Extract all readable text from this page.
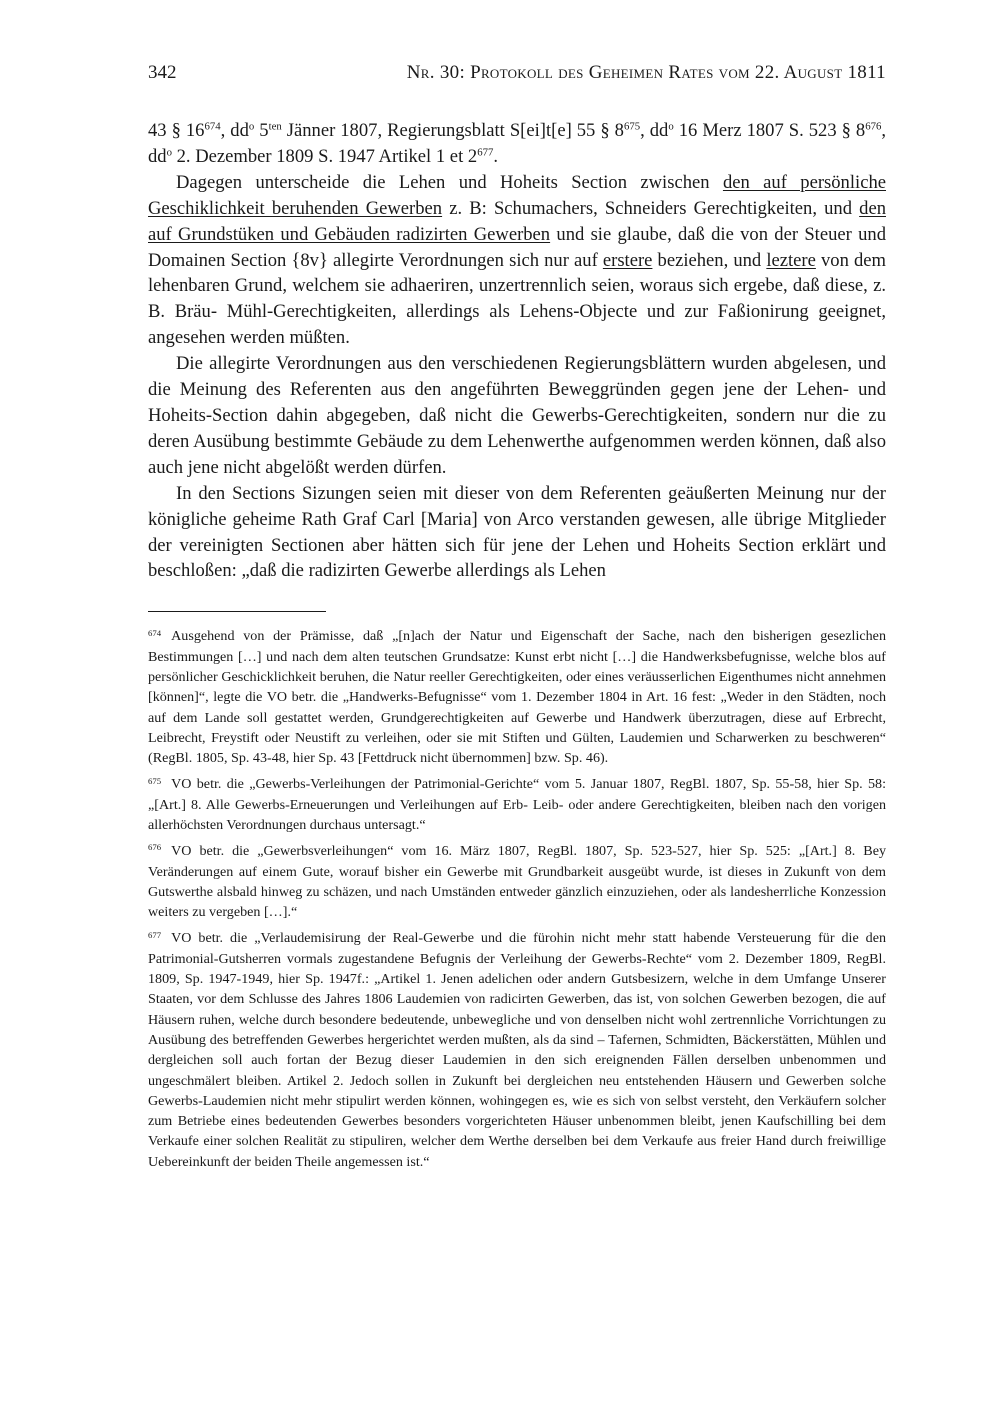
342	Nr. 30: Protokoll des Geheimen Rates vom 22. August 1811

43 § $16^{674}$, $dd^o$ $5^{ten}$ Jänner 1807, Regierungsblatt S[ei]t[e] 55 § $8^{675}$, $dd^o$ 16 Merz 1807 S. 523 § $8^{676}$, $dd^o$ 2. Dezember 1809 S. 1947 Artikel 1 et $2^{677}$.

Dagegen unterscheide die Lehen und Hoheits Section zwischen den auf persönliche Geschiklichkeit beruhenden Gewerben z. B: Schumachers, Schneiders Gerechtigkeiten, und den auf Grundstüken und Gebäuden radizirten Gewerben und sie glaube, daß die von der Steuer und Domainen Section {8v} allegirte Verordnungen sich nur auf erstere beziehen, und leztere von dem lehenbaren Grund, welchem sie adhaeriren, unzertrennlich seien, woraus sich ergebe, daß diese, z. B. Bräu- Mühl-Gerechtigkeiten, allerdings als Lehens-Objecte und zur Faßionirung geeignet, angesehen werden müßten.

Die allegirte Verordnungen aus den verschiedenen Regierungsblättern wurden abgelesen, und die Meinung des Referenten aus den angeführten Beweggründen gegen jene der Lehen- und Hoheits-Section dahin abgegeben, daß nicht die Gewerbs-Gerechtigkeiten, sondern nur die zu deren Ausübung bestimmte Gebäude zu dem Lehenwerthe aufgenommen werden können, daß also auch jene nicht abgelößt werden dürfen.

In den Sections Sizungen seien mit dieser von dem Referenten geäußerten Meinung nur der königliche geheime Rath Graf Carl [Maria] von Arco verstanden gewesen, alle übrige Mitglieder der vereinigten Sectionen aber hätten sich für jene der Lehen und Hoheits Section erklärt und beschloßen: „daß die radizirten Gewerbe allerdings als Lehen

$^{674}$ Ausgehend von der Prämisse, daß „[n]ach der Natur und Eigenschaft der Sache, nach den bisherigen gesezlichen Bestimmungen […] und nach dem alten teutschen Grundsatze: Kunst erbt nicht […] die Handwerksbefugnisse, welche blos auf persönlicher Geschicklichkeit beruhen, die Natur reeller Gerechtigkeiten, oder eines veräusserlichen Eigenthumes nicht annehmen [können]“, legte die VO betr. die „Handwerks-Befugnisse“ vom 1. Dezember 1804 in Art. 16 fest: „Weder in den Städten, noch auf dem Lande soll gestattet werden, Grundgerechtigkeiten auf Gewerbe und Handwerk überzutragen, diese auf Erbrecht, Leibrecht, Freystift oder Neustift zu verleihen, oder sie mit Stiften und Gülten, Laudemien und Scharwerken zu beschweren“ (RegBl. 1805, Sp. 43-48, hier Sp. 43 [Fettdruck nicht übernommen] bzw. Sp. 46).

$^{675}$ VO betr. die „Gewerbs-Verleihungen der Patrimonial-Gerichte“ vom 5. Januar 1807, RegBl. 1807, Sp. 55-58, hier Sp. 58: „[Art.] 8. Alle Gewerbs-Erneuerungen und Verleihungen auf Erb- Leib- oder andere Gerechtigkeiten, bleiben nach den vorigen allerhöchsten Verordnungen durchaus untersagt.“

$^{676}$ VO betr. die „Gewerbsverleihungen“ vom 16. März 1807, RegBl. 1807, Sp. 523-527, hier Sp. 525: „[Art.] 8. Bey Veränderungen auf einem Gute, worauf bisher ein Gewerbe mit Grundbarkeit ausgeübt wurde, ist dieses in Zukunft von dem Gutswerthe alsbald hinweg zu schäzen, und nach Umständen entweder gänzlich einzuziehen, oder als landesherrliche Konzession weiters zu vergeben […].“

$^{677}$ VO betr. die „Verlaudemisirung der Real-Gewerbe und die fürohin nicht mehr statt habende Versteuerung für die den Patrimonial-Gutsherren vormals zugestandene Befugnis der Verleihung der Gewerbs-Rechte“ vom 2. Dezember 1809, RegBl. 1809, Sp. 1947-1949, hier Sp. 1947f.: „Artikel 1. Jenen adelichen oder andern Gutsbesizern, welche in dem Umfange Unserer Staaten, vor dem Schlusse des Jahres 1806 Laudemien von radicirten Gewerben, das ist, von solchen Gewerben bezogen, die auf Häusern ruhen, welche durch besondere bedeutende, unbewegliche und von denselben nicht wohl zertrennliche Vorrichtungen zu Ausübung des betreffenden Gewerbes hergerichtet werden mußten, als da sind – Tafernen, Schmidten, Bäckerstätten, Mühlen und dergleichen soll auch fortan der Bezug dieser Laudemien in den sich ereignenden Fällen derselben unbenommen und ungeschmälert bleiben. Artikel 2. Jedoch sollen in Zukunft bei dergleichen neu entstehenden Häusern und Gewerben solche Gewerbs-Laudemien nicht mehr stipulirt werden können, wohingegen es, wie es sich von selbst versteht, den Verkäufern solcher zum Betriebe eines bedeutenden Gewerbes besonders vorgerichteten Häuser unbenommen bleibt, jenen Kaufschilling bei dem Verkaufe einer solchen Realität zu stipuliren, welcher dem Werthe derselben bei dem Verkaufe aus freier Hand durch freiwillige Uebereinkunft der beiden Theile angemessen ist.“
